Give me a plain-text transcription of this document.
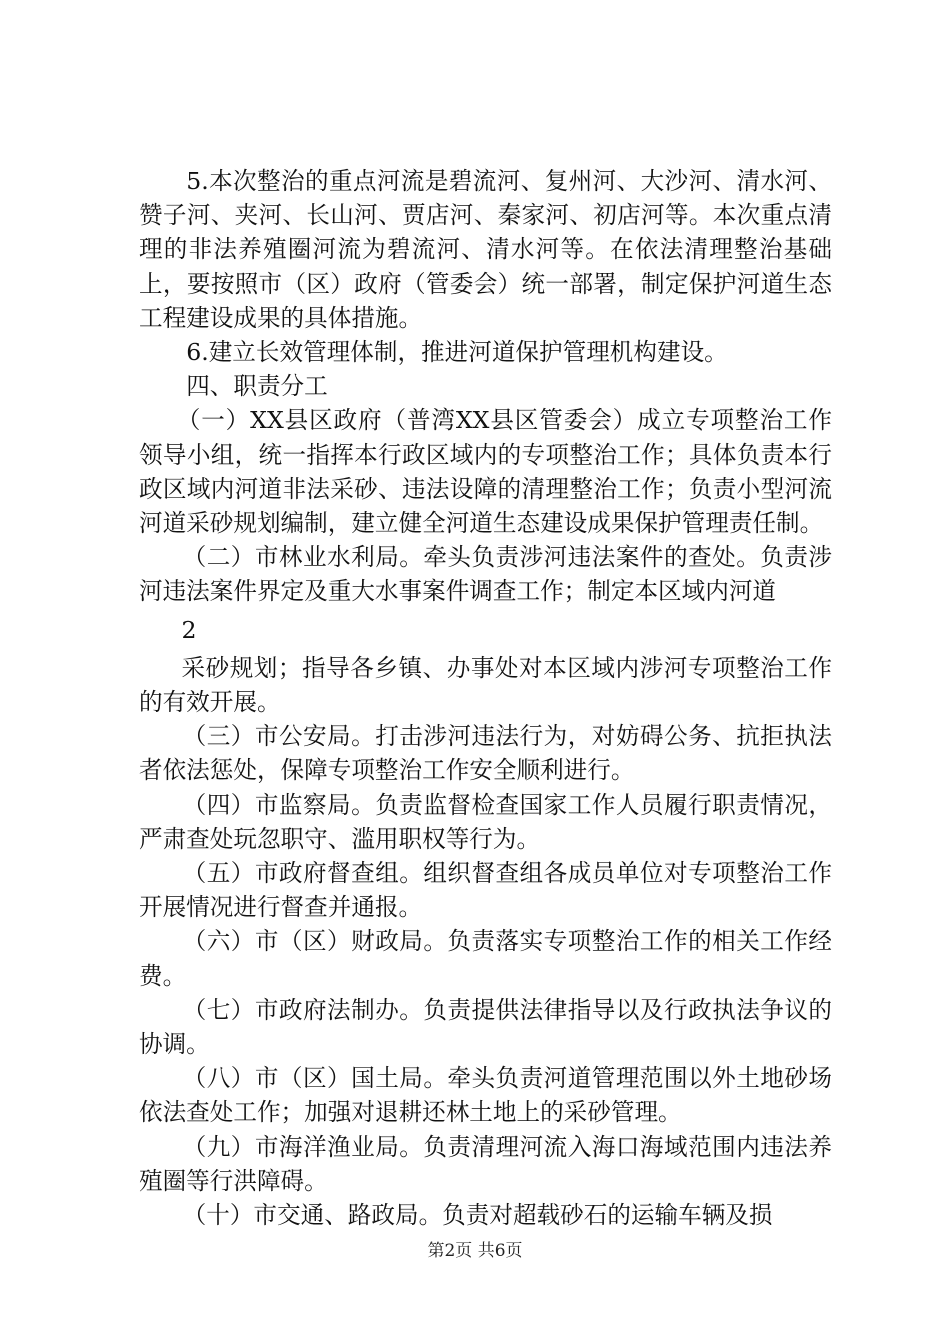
5.本次整治的重点河流是碧流河、复州河、大沙河、清水河、赞子河、夹河、长山河、贾店河、秦家河、初店河等。本次重点清理的非法养殖圈河流为碧流河、清水河等。在依法清理整治基础上，要按照市（区）政府（管委会）统一部署，制定保护河道生态工程建设成果的具体措施。

6.建立长效管理体制，推进河道保护管理机构建设。

四、职责分工

（一）XX县区政府（普湾XX县区管委会）成立专项整治工作领导小组，统一指挥本行政区域内的专项整治工作；具体负责本行政区域内河道非法采砂、违法设障的清理整治工作；负责小型河流河道采砂规划编制，建立健全河道生态建设成果保护管理责任制。

（二）市林业水利局。牵头负责涉河违法案件的查处。负责涉河违法案件界定及重大水事案件调查工作；制定本区域内河道

2

采砂规划；指导各乡镇、办事处对本区域内涉河专项整治工作的有效开展。

（三）市公安局。打击涉河违法行为，对妨碍公务、抗拒执法者依法惩处，保障专项整治工作安全顺利进行。

（四）市监察局。负责监督检查国家工作人员履行职责情况，严肃查处玩忽职守、滥用职权等行为。

（五）市政府督查组。组织督查组各成员单位对专项整治工作开展情况进行督查并通报。

（六）市（区）财政局。负责落实专项整治工作的相关工作经费。

（七）市政府法制办。负责提供法律指导以及行政执法争议的协调。

（八）市（区）国土局。牵头负责河道管理范围以外土地砂场依法查处工作；加强对退耕还林土地上的采砂管理。

（九）市海洋渔业局。负责清理河流入海口海域范围内违法养殖圈等行洪障碍。

（十）市交通、路政局。负责对超载砂石的运输车辆及损

第2页 共6页
